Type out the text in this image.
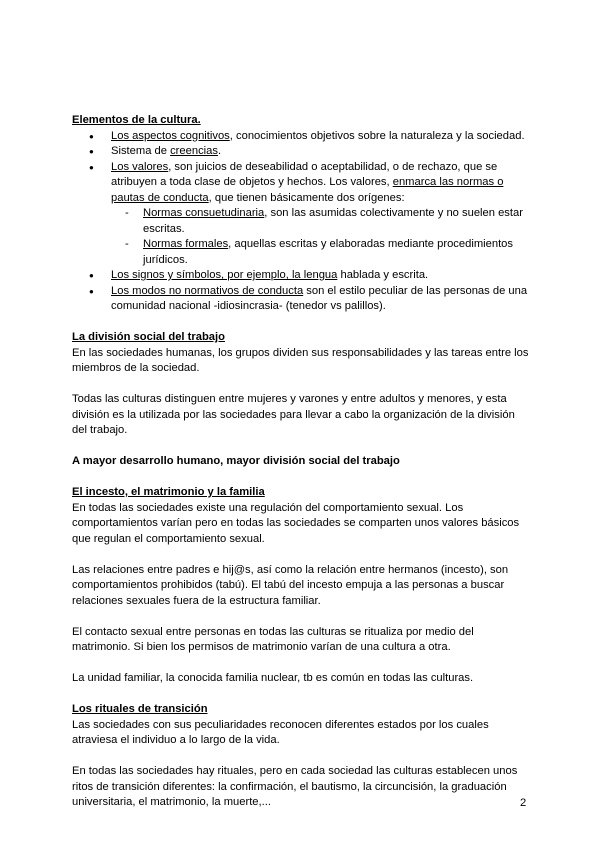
Elementos de la cultura.

● Los aspectos cognitivos, conocimientos objetivos sobre la naturaleza y la sociedad.
● Sistema de creencias.
● Los valores, son juicios de deseabilidad o aceptabilidad, o de rechazo, que se atribuyen a toda clase de objetos y hechos. Los valores, enmarca las normas o pautas de conducta, que tienen básicamente dos orígenes:
- Normas consuetudinaria, son las asumidas colectivamente y no suelen estar escritas.
- Normas formales, aquellas escritas y elaboradas mediante procedimientos jurídicos.
● Los signos y símbolos, por ejemplo, la lengua hablada y escrita.
● Los modos no normativos de conducta son el estilo peculiar de las personas de una comunidad nacional -idiosincrasia- (tenedor vs palillos).

La división social del trabajo

En las sociedades humanas, los grupos dividen sus responsabilidades y las tareas entre los miembros de la sociedad.

Todas las culturas distinguen entre mujeres y varones y entre adultos y menores, y esta división es la utilizada por las sociedades para llevar a cabo la organización de la división del trabajo.

A mayor desarrollo humano, mayor división social del trabajo

El incesto, el matrimonio y la familia

En todas las sociedades existe una regulación del comportamiento sexual. Los comportamientos varían pero en todas las sociedades se comparten unos valores básicos que regulan el comportamiento sexual.

Las relaciones entre padres e hij@s, así como la relación entre hermanos (incesto), son comportamientos prohibidos (tabú). El tabú del incesto empuja a las personas a buscar relaciones sexuales fuera de la estructura familiar.

El contacto sexual entre personas en todas las culturas se ritualiza por medio del matrimonio. Si bien los permisos de matrimonio varían de una cultura a otra.

La unidad familiar, la conocida familia nuclear, tb es común en todas las culturas.

Los rituales de transición

Las sociedades con sus peculiaridades reconocen diferentes estados por los cuales atraviesa el individuo a lo largo de la vida.

En todas las sociedades hay rituales, pero en cada sociedad las culturas establecen unos ritos de transición diferentes: la confirmación, el bautismo, la circuncisión, la graduación universitaria, el matrimonio, la muerte,...	2
